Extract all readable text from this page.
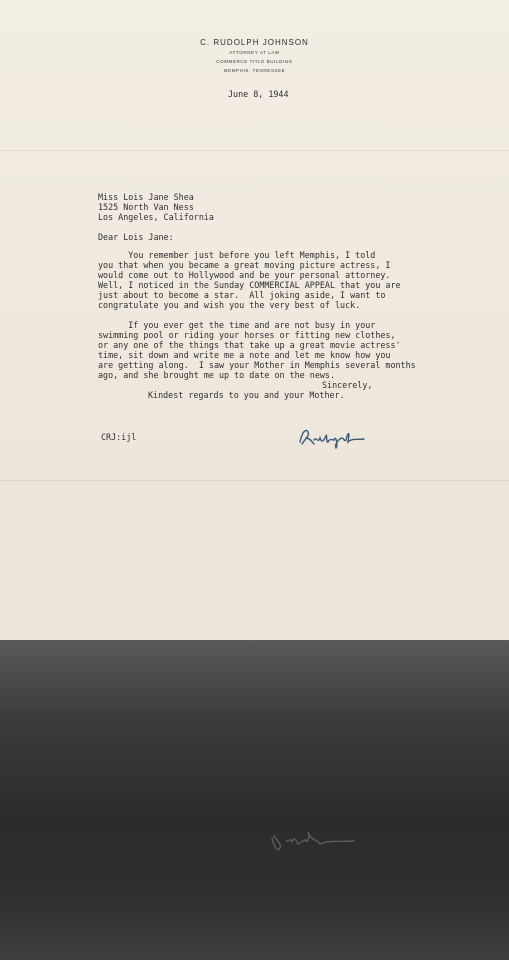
C. RUDOLPH JOHNSON
ATTORNEY AT LAW
COMMERCE TITLE BUILDING
MEMPHIS, TENNESSEE
June 8, 1944
Miss Lois Jane Shea
1525 North Van Ness
Los Angeles, California
Dear Lois Jane:
You remember just before you left Memphis, I told
you that when you became a great moving picture actress, I
would come out to Hollywood and be your personal attorney.
Well, I noticed in the Sunday COMMERCIAL APPEAL that you are
just about to become a star.  All joking aside, I want to
congratulate you and wish you the very best of luck.
If you ever get the time and are not busy in your
swimming pool or riding your horses or fitting new clothes,
or any one of the things that take up a great movie actress'
time, sit down and write me a note and let me know how you
are getting along.  I saw your Mother in Memphis several months
ago, and she brought me up to date on the news.
Kindest regards to you and your Mother.
Sincerely,
CRJ:ijl
